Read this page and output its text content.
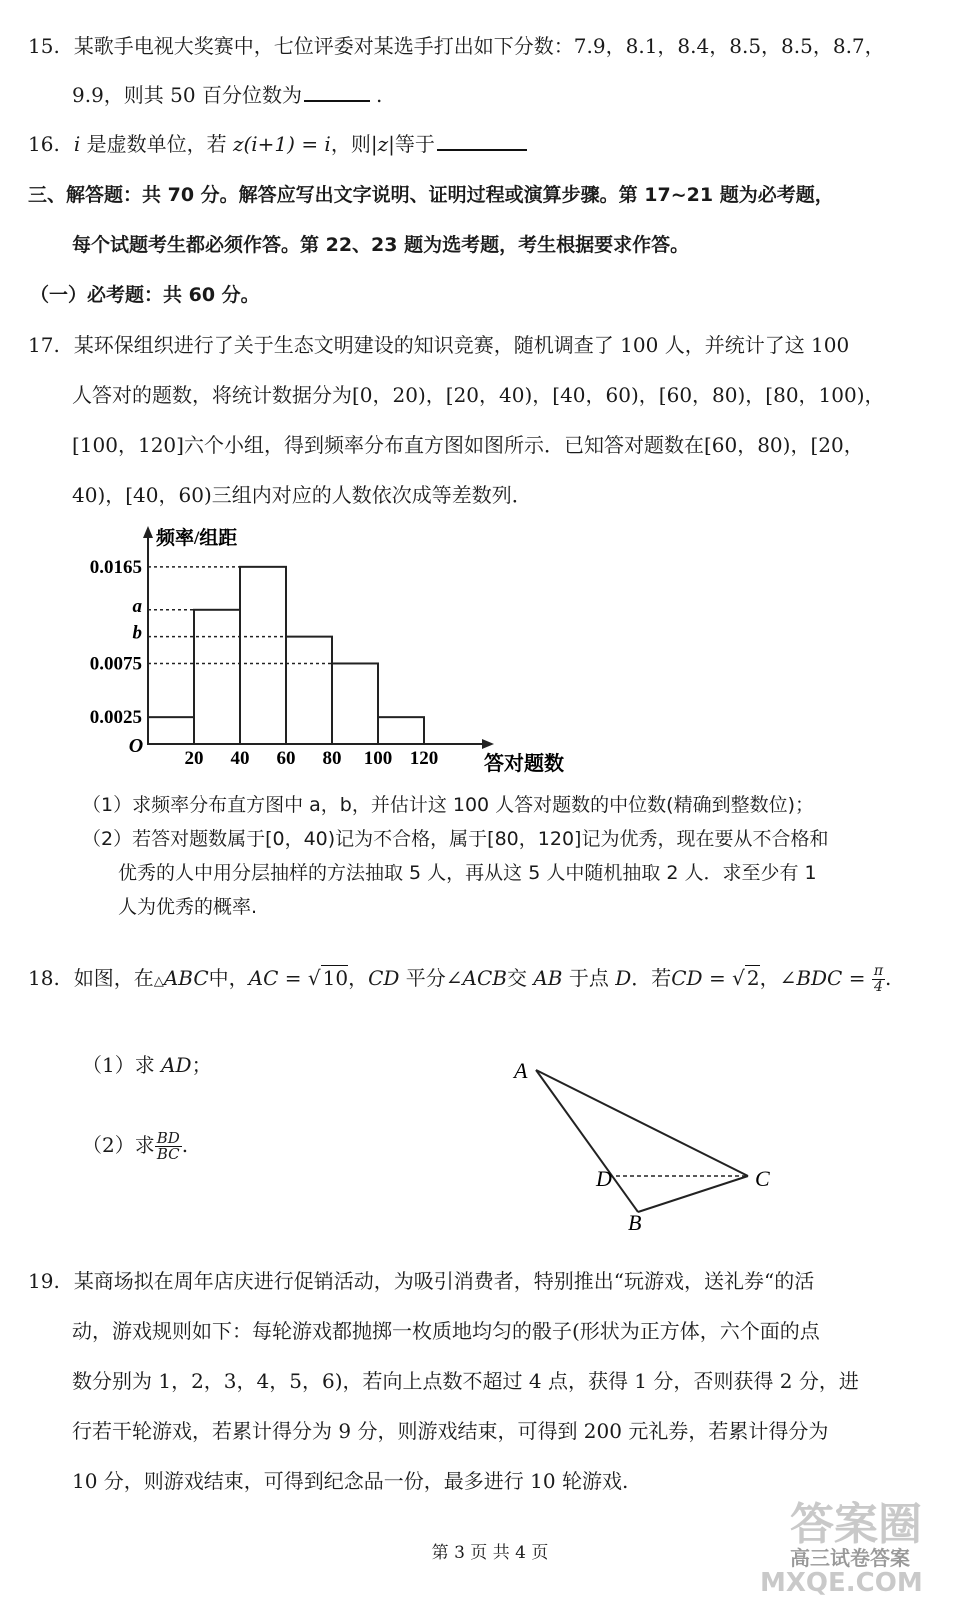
15. 某歌手电视大奖赛中，七位评委对某选手打出如下分数：7.9，8.1，8.4，8.5，8.5，8.7，
9.9，则其 50 百分位数为	.
16. i 是虚数单位，若 z(i+1) = i，则|z|等于
三、解答题：共 70 分。解答应写出文字说明、证明过程或演算步骤。第 17~21 题为必考题，
每个试题考生都必须作答。第 22、23 题为选考题，考生根据要求作答。
（一）必考题：共 60 分。
17. 某环保组织进行了关于生态文明建设的知识竞赛，随机调查了 100 人，并统计了这 100
人答对的题数，将统计数据分为[0，20)，[20，40)，[40，60)，[60，80)，[80，100)，
[100，120]六个小组，得到频率分布直方图如图所示．已知答对题数在[60，80)，[20，
40)，[40，60)三组内对应的人数依次成等差数列．
0.0165
a
b
0.0075
0.0025
20 40 60 80 100 120
O
频率/组距
答对题数
（1）求频率分布直方图中 a，b，并估计这 100 人答对题数的中位数(精确到整数位)；
（2）若答对题数属于[0，40)记为不合格，属于[80，120]记为优秀，现在要从不合格和
优秀的人中用分层抽样的方法抽取 5 人，再从这 5 人中随机抽取 2 人．求至少有 1
人为优秀的概率.
18. 如图，在△ABC中，AC = √ 10，CD 平分∠ACB交 AB 于点 D．若CD = √ 2，∠BDC = $\frac{\pi}{4}$ .
（1）求 AD；
（2）求 $\frac{BD}{BC}$ .
A
D	C
B
19. 某商场拟在周年店庆进行促销活动，为吸引消费者，特别推出“玩游戏，送礼券“的活
动，游戏规则如下：每轮游戏都抛掷一枚质地均匀的骰子(形状为正方体，六个面的点
数分别为 1，2，3，4，5，6)，若向上点数不超过 4 点，获得 1 分，否则获得 2 分，进
行若干轮游戏，若累计得分为 9 分，则游戏结束，可得到 200 元礼券，若累计得分为
10 分，则游戏结束，可得到纪念品一份，最多进行 10 轮游戏.
答案圈
高三试卷答案
MXQE.COM
第 3 页 共 4 页
